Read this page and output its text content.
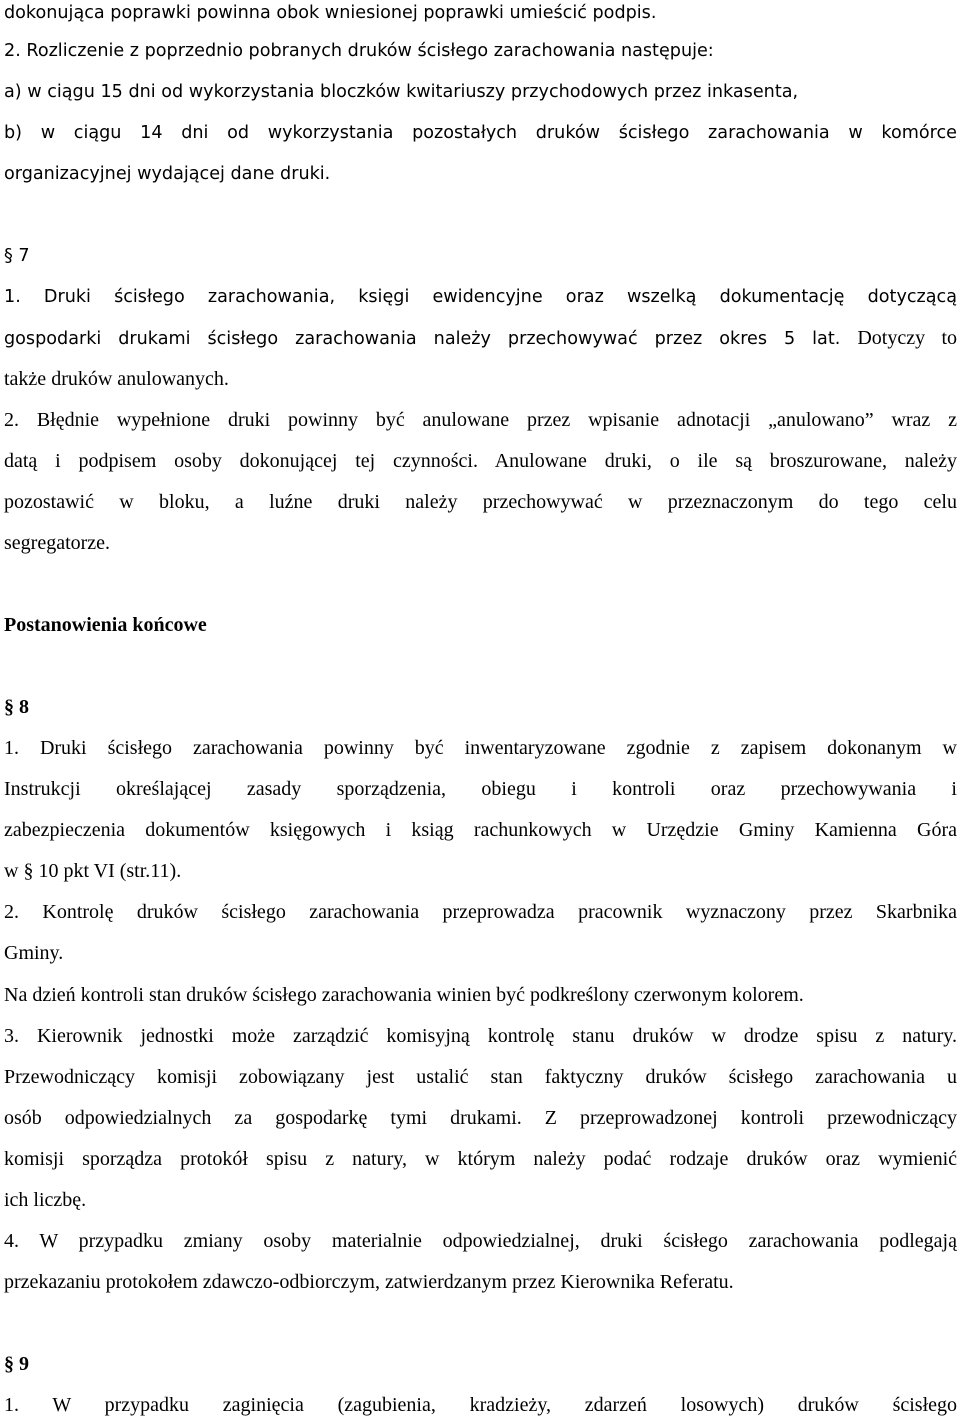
dokonująca poprawki powinna obok wniesionej poprawki umieścić podpis.
2. Rozliczenie z poprzednio pobranych druków ścisłego zarachowania następuje:
a) w ciągu 15 dni od wykorzystania bloczków kwitariuszy przychodowych przez inkasenta,
b) w ciągu 14 dni od wykorzystania pozostałych druków ścisłego zarachowania w komórce
organizacyjnej wydającej dane druki.
§ 7
1. Druki ścisłego zarachowania, księgi ewidencyjne oraz wszelką dokumentację dotyczącą
gospodarki drukami ścisłego zarachowania należy przechowywać przez okres 5 lat. Dotyczy to
także druków anulowanych.
2. Błędnie wypełnione druki powinny być anulowane przez wpisanie adnotacji „anulowano” wraz z
datą i podpisem osoby dokonującej tej czynności. Anulowane druki, o ile są broszurowane, należy
pozostawić w bloku, a luźne druki należy przechowywać w przeznaczonym do tego celu
segregatorze.
Postanowienia końcowe
§ 8
1. Druki ścisłego zarachowania powinny być inwentaryzowane zgodnie z zapisem dokonanym w
Instrukcji określającej zasady sporządzenia, obiegu i kontroli oraz przechowywania i
zabezpieczenia dokumentów księgowych i ksiąg rachunkowych w Urzędzie Gminy Kamienna Góra
w § 10 pkt VI (str.11).
2. Kontrolę druków ścisłego zarachowania przeprowadza pracownik wyznaczony przez Skarbnika
Gminy.
Na dzień kontroli stan druków ścisłego zarachowania winien być podkreślony czerwonym kolorem.
3. Kierownik jednostki może zarządzić komisyjną kontrolę stanu druków w drodze spisu z natury.
Przewodniczący komisji zobowiązany jest ustalić stan faktyczny druków ścisłego zarachowania u
osób odpowiedzialnych za gospodarkę tymi drukami. Z przeprowadzonej kontroli przewodniczący
komisji sporządza protokół spisu z natury, w którym należy podać rodzaje druków oraz wymienić
ich liczbę.
4. W przypadku zmiany osoby materialnie odpowiedzialnej, druki ścisłego zarachowania podlegają
przekazaniu protokołem zdawczo-odbiorczym, zatwierdzanym przez Kierownika Referatu.
§ 9
1. W przypadku zaginięcia (zagubienia, kradzieży, zdarzeń losowych) druków ścisłego
